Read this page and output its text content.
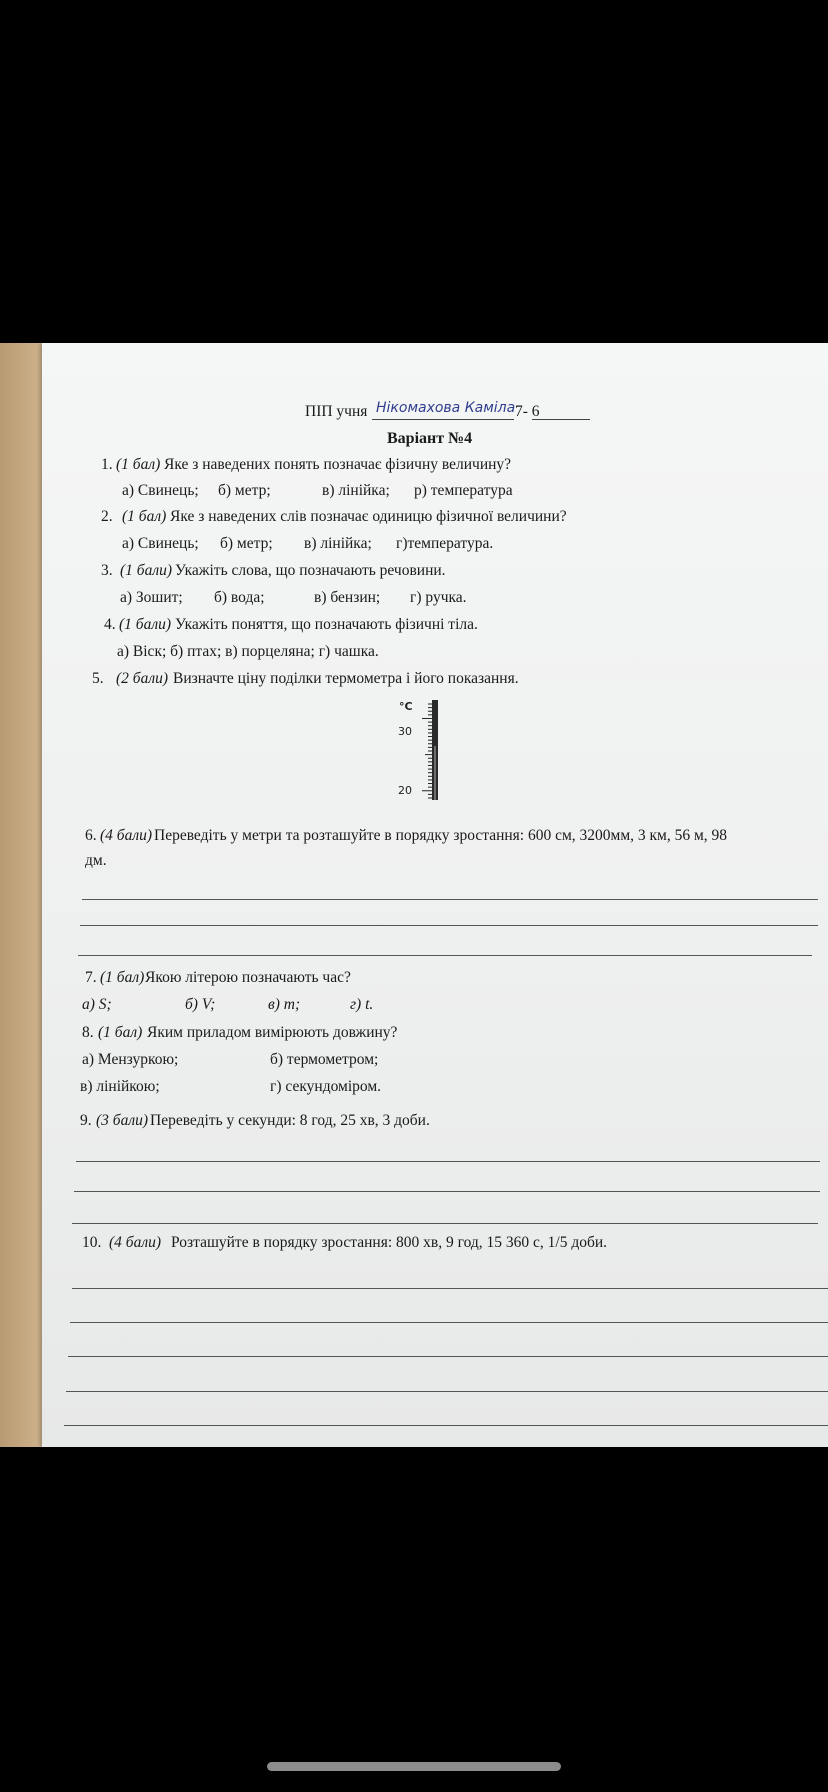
ПІП учня Нікомахова Каміла 7- 6
Варіант №4
1. (1 бал) Яке з наведених понять позначає фізичну величину?
а) Свинець; б) метр;	в) лінійка; р) температура
2. (1 бал) Яке з наведених слів позначає одиницю фізичної величини?
а) Свинець; б) метр; в) лінійка; г)температура.
3. (1 бали) Укажіть слова, що позначають речовини.
а) Зошит; б) вода;	в) бензин; г) ручка.
4. (1 бали) Укажіть поняття, що позначають фізичні тіла.
а) Віск; б) птах; в) порцеляна; г) чашка.
5. (2 бали) Визначте ціну поділки термометра і його показання.
°C
30
20
6. (4 бали) Переведіть у метри та розташуйте в порядку зростання: 600 см, 3200мм, 3 км, 56 м, 98
дм.
7. (1 бал) Якою літерою позначають час?
а) S;	б) V;	в) m;	г) t.
8. (1 бал) Яким приладом вимірюють довжину?
а) Мензуркою;	б) термометром;
в) лінійкою;	г) секундоміром.
9. (3 бали) Переведіть у секунди: 8 год, 25 хв, 3 доби.
10. (4 бали) Розташуйте в порядку зростання: 800 хв, 9 год, 15 360 с, 1/5 доби.
